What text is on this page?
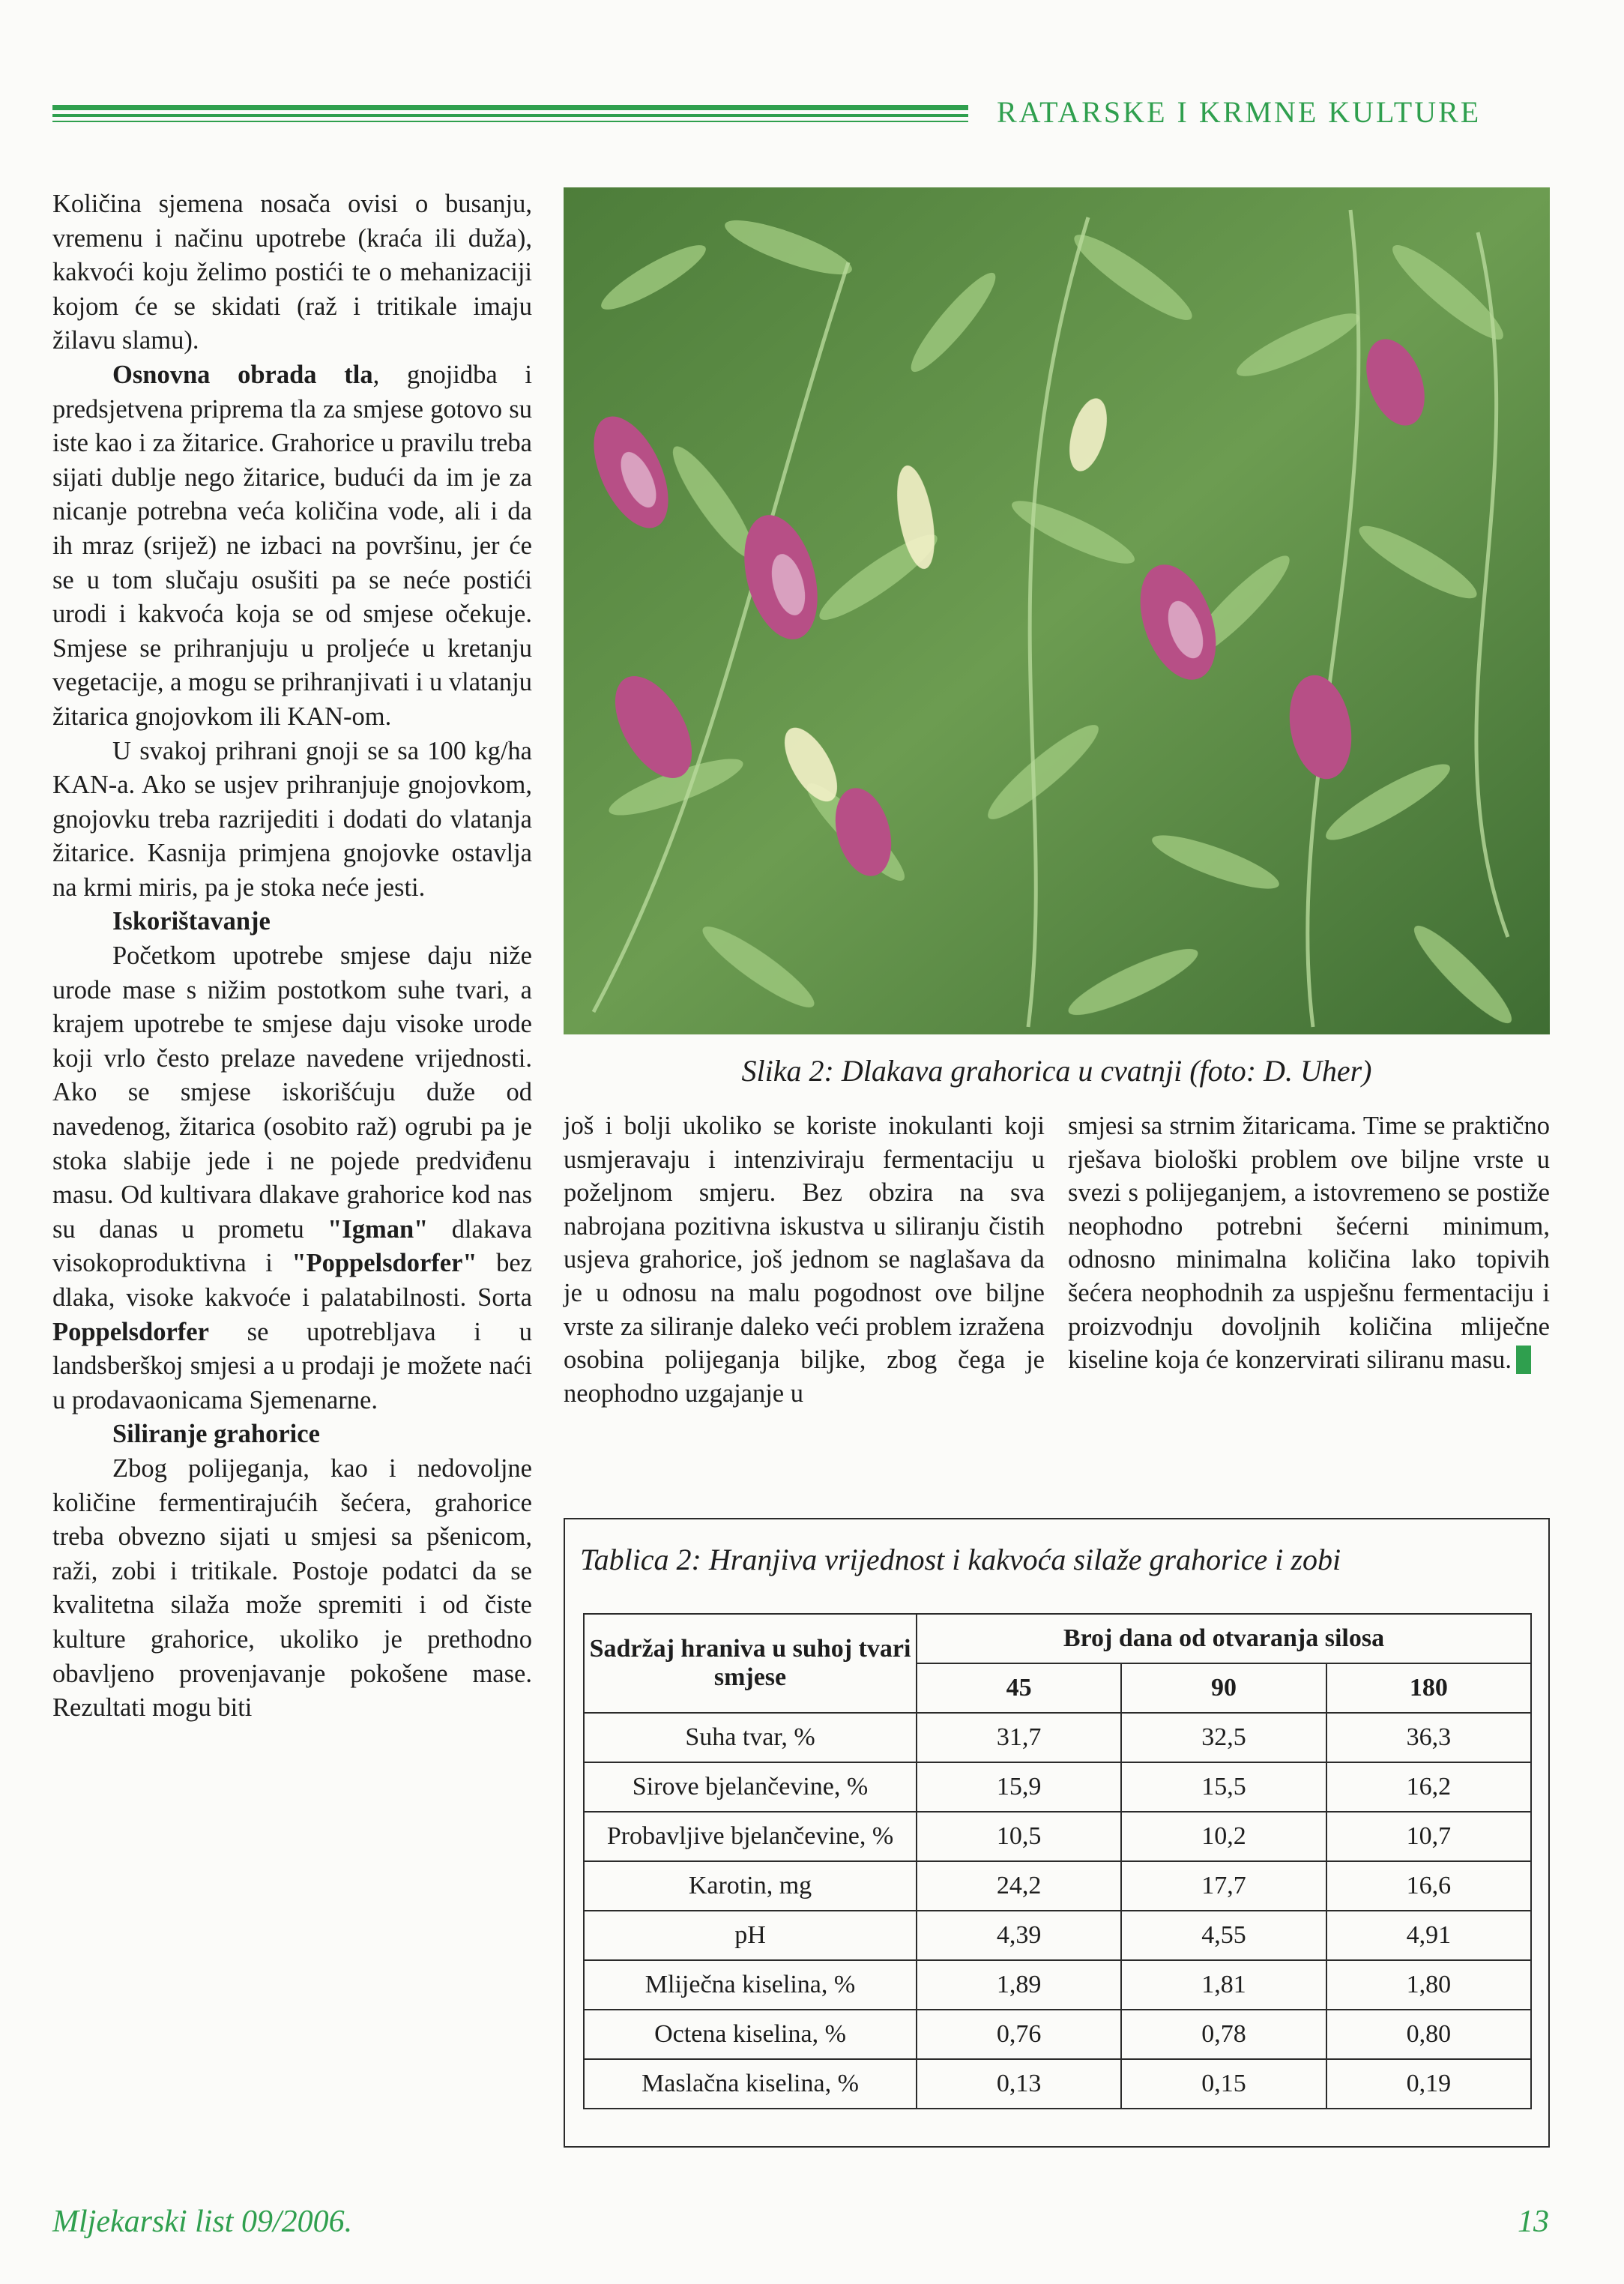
RATARSKE I KRMNE KULTURE

Količina sjemena nosača ovisi o busanju, vremenu i načinu upotrebe (kraća ili duža), kakvoći koju želimo postići te o mehanizaciji kojom će se skidati (raž i tritikale imaju žilavu slamu).

Osnovna obrada tla, gnojidba i predsjetvena priprema tla za smjese gotovo su iste kao i za žitarice. Grahorice u pravilu treba sijati dublje nego žitarice, budući da im je za nicanje potrebna veća količina vode, ali i da ih mraz (srijež) ne izbaci na površinu, jer će se u tom slučaju osušiti pa se neće postići urodi i kakvoća koja se od smjese očekuje. Smjese se prihranjuju u proljeće u kretanju vegetacije, a mogu se prihranjivati i u vlatanju žitarica gnojovkom ili KAN-om.

U svakoj prihrani gnoji se sa 100 kg/ha KAN-a. Ako se usjev prihranjuje gnojovkom, gnojovku treba razrijediti i dodati do vlatanja žitarice. Kasnija primjena gnojovke ostavlja na krmi miris, pa je stoka neće jesti.

Iskorištavanje

Početkom upotrebe smjese daju niže urode mase s nižim postotkom suhe tvari, a krajem upotrebe te smjese daju visoke urode koji vrlo često prelaze navedene vrijednosti. Ako se smjese iskorišćuju duže od navedenog, žitarica (osobito raž) ogrubi pa je stoka slabije jede i ne pojede predviđenu masu. Od kultivara dlakave grahorice kod nas su danas u prometu "Igman" dlakava visokoproduktivna i "Poppelsdorfer" bez dlaka, visoke kakvoće i palatabilnosti. Sorta Poppelsdorfer se upotrebljava i u landsberškoj smjesi a u prodaji je možete naći u prodavaonicama Sjemenarne.

Siliranje grahorice

Zbog polijeganja, kao i nedovoljne količine fermentirajućih šećera, grahorice treba obvezno sijati u smjesi sa pšenicom, raži, zobi i tritikale. Postoje podatci da se kvalitetna silaža može spremiti i od čiste kulture grahorice, ukoliko je prethodno obavljeno provenjavanje pokošene mase. Rezultati mogu biti

Slika 2: Dlakava grahorica u cvatnji (foto: D. Uher)

još i bolji ukoliko se koriste inokulanti koji usmjeravaju i intenziviraju fermentaciju u poželjnom smjeru. Bez obzira na sva nabrojana pozitivna iskustva u siliranju čistih usjeva grahorice, još jednom se naglašava da je u odnosu na malu pogodnost ove biljne vrste za siliranje daleko veći problem izražena osobina polijeganja biljke, zbog čega je neophodno uzgajanje u

smjesi sa strnim žitaricama. Time se praktično rješava biološki problem ove biljne vrste u svezi s polijeganjem, a istovremeno se postiže neophodno potrebni šećerni minimum, odnosno minimalna količina lako topivih šećera neophodnih za uspješnu fermentaciju i proizvodnju dovoljnih količina mliječne kiseline koja će konzervirati siliranu masu.

Tablica 2: Hranjiva vrijednost i kakvoća silaže grahorice i zobi
Sadržaj hraniva u suhoj tvari smjese	Broj dana od otvaranja silosa		
	45	90	180
Suha tvar, %	31,7	32,5	36,3
Sirove bjelančevine, %	15,9	15,5	16,2
Probavljive bjelančevine, %	10,5	10,2	10,7
Karotin, mg	24,2	17,7	16,6
pH	4,39	4,55	4,91
Mliječna kiselina, %	1,89	1,81	1,80
Octena kiselina, %	0,76	0,78	0,80
Maslačna kiselina, %	0,13	0,15	0,19
Mljekarski list 09/2006.	13
